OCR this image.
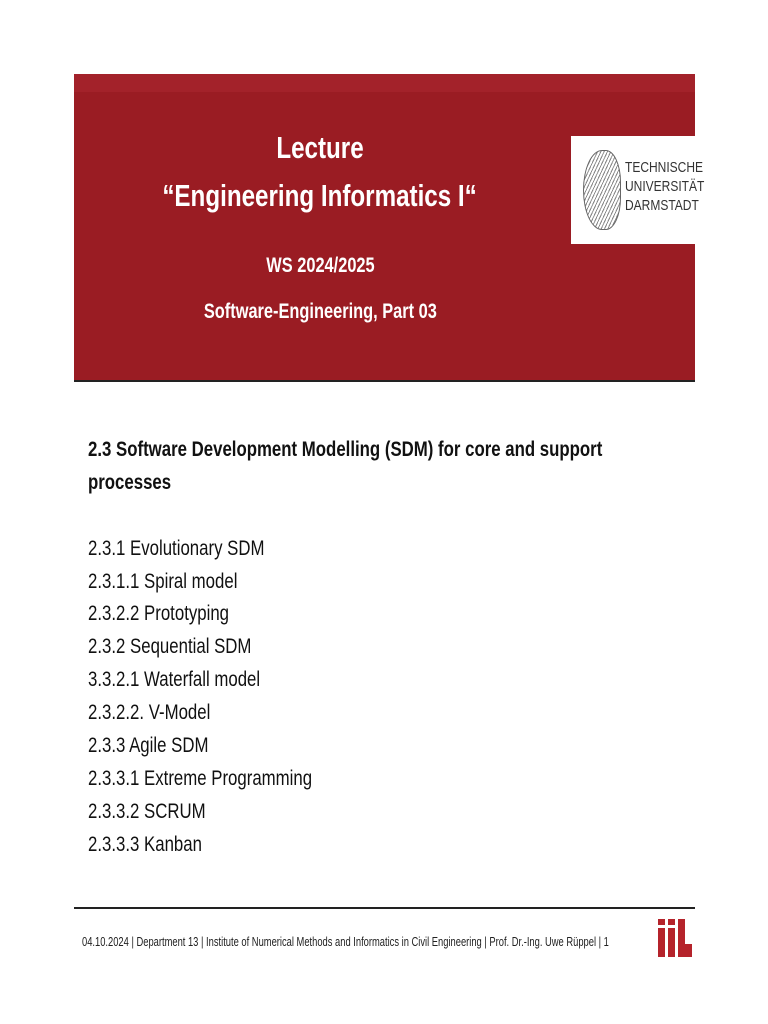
Lecture
“Engineering Informatics I“
WS 2024/2025
Software-Engineering, Part 03
TECHNISCHE
UNIVERSITÄT
DARMSTADT
2.3 Software Development Modelling (SDM) for core and support
processes
2.3.1 Evolutionary SDM
2.3.1.1 Spiral model
2.3.2.2 Prototyping
2.3.2 Sequential SDM
3.3.2.1 Waterfall model
2.3.2.2. V-Model
2.3.3 Agile SDM
2.3.3.1 Extreme Programming
2.3.3.2 SCRUM
2.3.3.3 Kanban
04.10.2024 | Department 13 | Institute of Numerical Methods and Informatics in Civil Engineering | Prof. Dr.-Ing. Uwe Rüppel | 1
